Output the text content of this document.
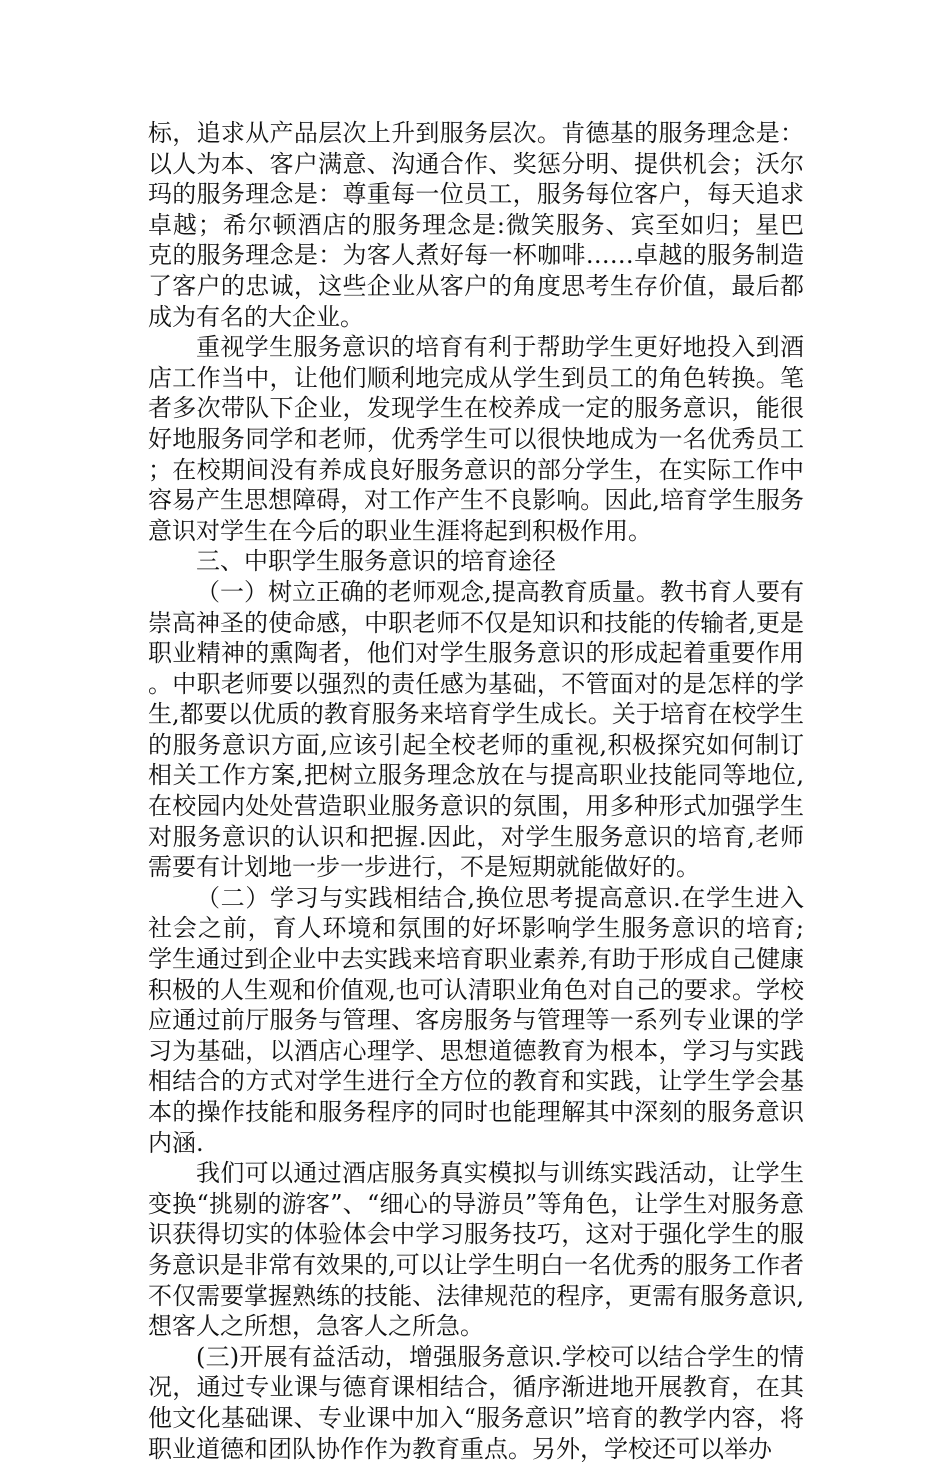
标，追求从产品层次上升到服务层次。肯德基的服务理念是：以人为本、客户满意、沟通合作、奖惩分明、提供机会；沃尔玛的服务理念是：尊重每一位员工，服务每位客户，每天追求卓越；希尔顿酒店的服务理念是:微笑服务、宾至如归；星巴克的服务理念是：为客人煮好每一杯咖啡……卓越的服务制造了客户的忠诚，这些企业从客户的角度思考生存价值，最后都成为有名的大企业。

重视学生服务意识的培育有利于帮助学生更好地投入到酒店工作当中，让他们顺利地完成从学生到员工的角色转换。笔者多次带队下企业，发现学生在校养成一定的服务意识，能很好地服务同学和老师，优秀学生可以很快地成为一名优秀员工；在校期间没有养成良好服务意识的部分学生，在实际工作中容易产生思想障碍，对工作产生不良影响。因此,培育学生服务意识对学生在今后的职业生涯将起到积极作用。

三、中职学生服务意识的培育途径

（一）树立正确的老师观念,提高教育质量。教书育人要有崇高神圣的使命感，中职老师不仅是知识和技能的传输者,更是职业精神的熏陶者，他们对学生服务意识的形成起着重要作用。中职老师要以强烈的责任感为基础，不管面对的是怎样的学生,都要以优质的教育服务来培育学生成长。关于培育在校学生的服务意识方面,应该引起全校老师的重视,积极探究如何制订相关工作方案,把树立服务理念放在与提高职业技能同等地位,在校园内处处营造职业服务意识的氛围，用多种形式加强学生对服务意识的认识和把握.因此，对学生服务意识的培育,老师需要有计划地一步一步进行，不是短期就能做好的。

（二）学习与实践相结合,换位思考提高意识.在学生进入社会之前，育人环境和氛围的好坏影响学生服务意识的培育;学生通过到企业中去实践来培育职业素养,有助于形成自己健康积极的人生观和价值观,也可认清职业角色对自己的要求。学校应通过前厅服务与管理、客房服务与管理等一系列专业课的学习为基础，以酒店心理学、思想道德教育为根本，学习与实践相结合的方式对学生进行全方位的教育和实践，让学生学会基本的操作技能和服务程序的同时也能理解其中深刻的服务意识内涵.

我们可以通过酒店服务真实模拟与训练实践活动，让学生变换“挑剔的游客”、“细心的导游员”等角色，让学生对服务意识获得切实的体验体会中学习服务技巧，这对于强化学生的服务意识是非常有效果的,可以让学生明白一名优秀的服务工作者不仅需要掌握熟练的技能、法律规范的程序，更需有服务意识,想客人之所想，急客人之所急。

(三)开展有益活动，增强服务意识.学校可以结合学生的情况，通过专业课与德育课相结合，循序渐进地开展教育，在其他文化基础课、专业课中加入“服务意识”培育的教学内容，将职业道德和团队协作作为教育重点。另外，学校还可以举办
